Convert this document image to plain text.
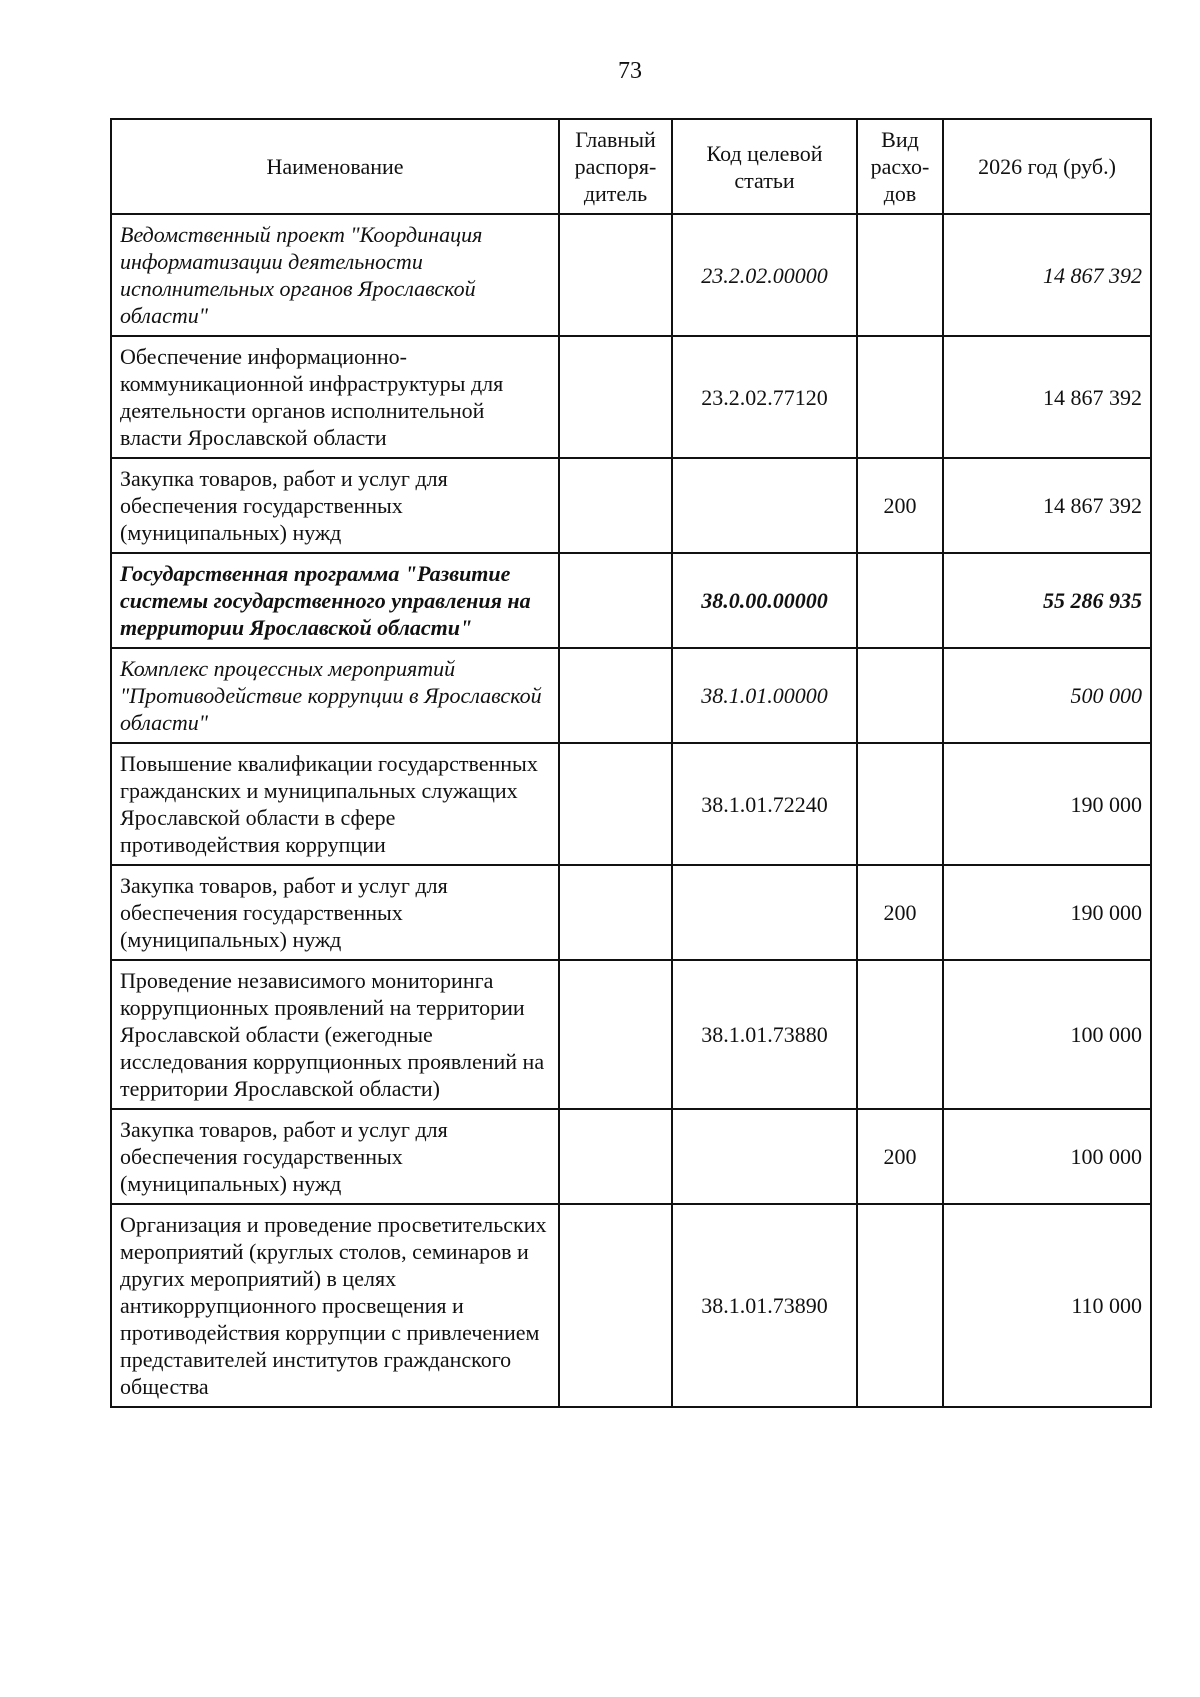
73
Наименование	Главный распоря-дитель	Код целевой статьи	Вид расхо-дов	2026 год (руб.)
Ведомственный проект "Координация информатизации деятельности исполнительных органов Ярославской области"		23.2.02.00000		14 867 392
Обеспечение информационно-коммуникационной инфраструктуры для деятельности органов исполнительной власти Ярославской области		23.2.02.77120		14 867 392
Закупка товаров, работ и услуг для обеспечения государственных (муниципальных) нужд			200	14 867 392
Государственная программа "Развитие системы государственного управления на территории Ярославской области"		38.0.00.00000		55 286 935
Комплекс процессных мероприятий "Противодействие коррупции в Ярославской области"		38.1.01.00000		500 000
Повышение квалификации государственных гражданских и муниципальных служащих Ярославской области в сфере противодействия коррупции		38.1.01.72240		190 000
Закупка товаров, работ и услуг для обеспечения государственных (муниципальных) нужд			200	190 000
Проведение независимого мониторинга коррупционных проявлений на территории Ярославской области (ежегодные исследования коррупционных проявлений на территории Ярославской области)		38.1.01.73880		100 000
Закупка товаров, работ и услуг для обеспечения государственных (муниципальных) нужд			200	100 000
Организация и проведение просветительских мероприятий (круглых столов, семинаров и других мероприятий) в целях антикоррупционного просвещения и противодействия коррупции с привлечением представителей институтов гражданского общества		38.1.01.73890		110 000
